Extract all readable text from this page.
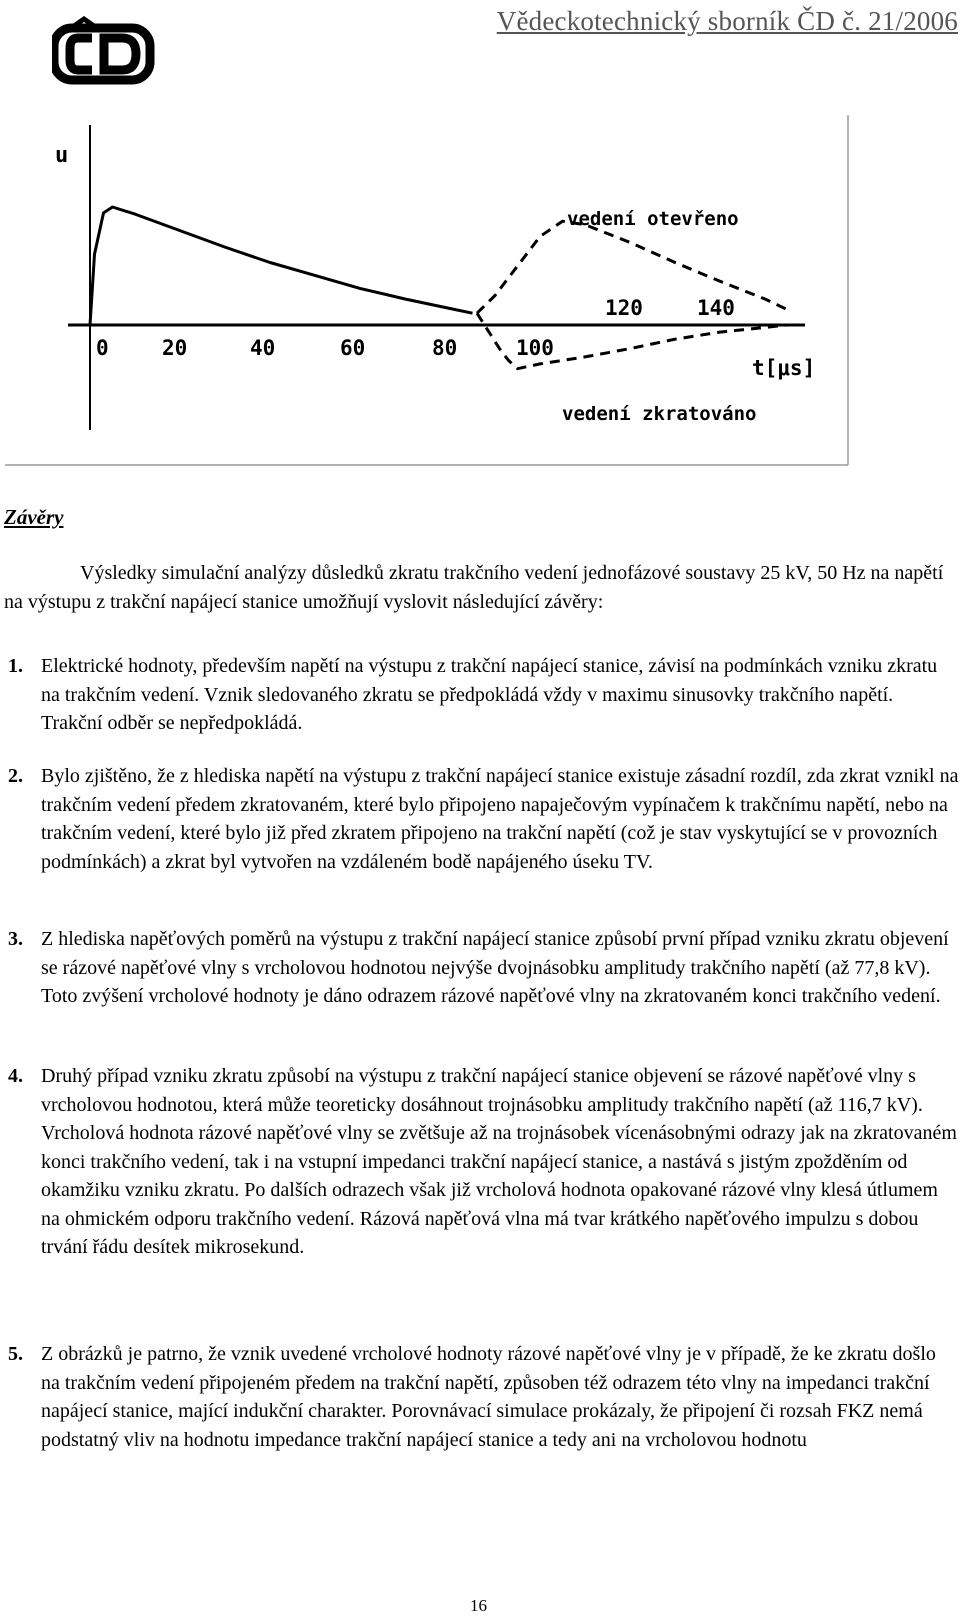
ČD	Vědeckotechnický sborník ČD č. 21/2006
u
t[μs]
0	20	40	60	80	100
120	140
vedení otevřeno
vedení zkratováno
Závěry
Výsledky simulační analýzy důsledků zkratu trakčního vedení jednofázové soustavy 25 kV, 50 Hz na napětí na výstupu z trakční napájecí stanice umožňují vyslovit následující závěry:
1. Elektrické hodnoty, především napětí na výstupu z trakční napájecí stanice, závisí na podmínkách vzniku zkratu na trakčním vedení. Vznik sledovaného zkratu se předpokládá vždy v maximu sinusovky trakčního napětí. Trakční odběr se nepředpokládá.
2. Bylo zjištěno, že z hlediska napětí na výstupu z trakční napájecí stanice existuje zásadní rozdíl, zda zkrat vznikl na trakčním vedení předem zkratovaném, které bylo připojeno napaječovým vypínačem k trakčnímu napětí, nebo na trakčním vedení, které bylo již před zkratem připojeno na trakční napětí (což je stav vyskytující se v provozních podmínkách) a zkrat byl vytvořen na vzdáleném bodě napájeného úseku TV.
3. Z hlediska napěťových poměrů na výstupu z trakční napájecí stanice způsobí první případ vzniku zkratu objevení se rázové napěťové vlny s vrcholovou hodnotou nejvýše dvojnásobku amplitudy trakčního napětí (až 77,8 kV). Toto zvýšení vrcholové hodnoty je dáno odrazem rázové napěťové vlny na zkratovaném konci trakčního vedení.
4. Druhý případ vzniku zkratu způsobí na výstupu z trakční napájecí stanice objevení se rázové napěťové vlny s vrcholovou hodnotou, která může teoreticky dosáhnout trojnásobku amplitudy trakčního napětí (až 116,7 kV). Vrcholová hodnota rázové napěťové vlny se zvětšuje až na trojnásobek vícenásobnými odrazy jak na zkratovaném konci trakčního vedení, tak i na vstupní impedanci trakční napájecí stanice, a nastává s jistým zpožděním od okamžiku vzniku zkratu. Po dalších odrazech však již vrcholová hodnota opakované rázové vlny klesá útlumem na ohmickém odporu trakčního vedení. Rázová napěťová vlna má tvar krátkého napěťového impulzu s dobou trvání řádu desítek mikrosekund.
5. Z obrázků je patrno, že vznik uvedené vrcholové hodnoty rázové napěťové vlny je v případě, že ke zkratu došlo na trakčním vedení připojeném předem na trakční napětí, způsoben též odrazem této vlny na impedanci trakční napájecí stanice, mající indukční charakter. Porovnávací simulace prokázaly, že připojení či rozsah FKZ nemá podstatný vliv na hodnotu impedance trakční napájecí stanice a tedy ani na vrcholovou hodnotu
16
